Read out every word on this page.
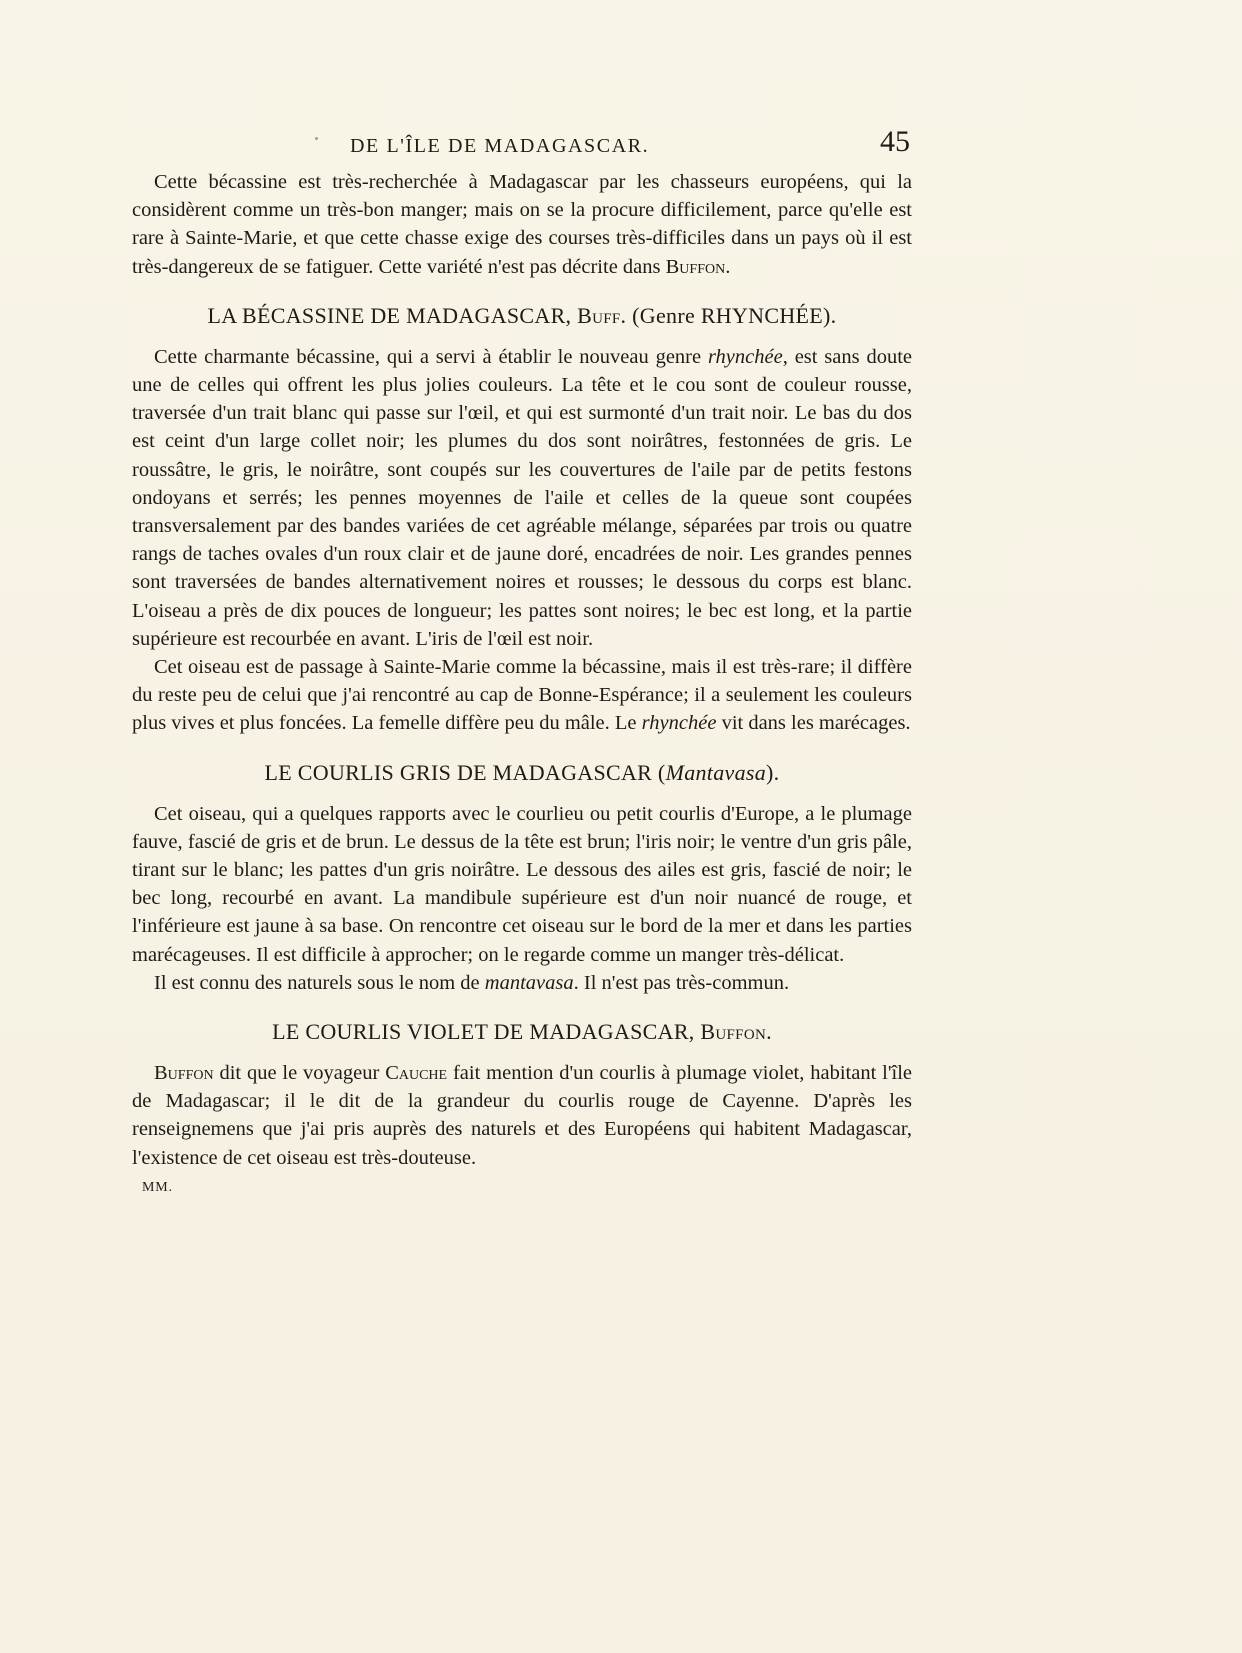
DE L'ÎLE DE MADAGASCAR.	45

Cette bécassine est très-recherchée à Madagascar par les chasseurs européens, qui la considèrent comme un très-bon manger; mais on se la procure difficilement, parce qu'elle est rare à Sainte-Marie, et que cette chasse exige des courses très-difficiles dans un pays où il est très-dangereux de se fatiguer. Cette variété n'est pas décrite dans Buffon.

LA BÉCASSINE DE MADAGASCAR, Buff. (Genre RHYNCHÉE).

Cette charmante bécassine, qui a servi à établir le nouveau genre rhynchée, est sans doute une de celles qui offrent les plus jolies couleurs. La tête et le cou sont de couleur rousse, traversée d'un trait blanc qui passe sur l'œil, et qui est surmonté d'un trait noir. Le bas du dos est ceint d'un large collet noir; les plumes du dos sont noirâtres, festonnées de gris. Le roussâtre, le gris, le noirâtre, sont coupés sur les couvertures de l'aile par de petits festons ondoyans et serrés; les pennes moyennes de l'aile et celles de la queue sont coupées transversalement par des bandes variées de cet agréable mélange, séparées par trois ou quatre rangs de taches ovales d'un roux clair et de jaune doré, encadrées de noir. Les grandes pennes sont traversées de bandes alternativement noires et rousses; le dessous du corps est blanc. L'oiseau a près de dix pouces de longueur; les pattes sont noires; le bec est long, et la partie supérieure est recourbée en avant. L'iris de l'œil est noir.

Cet oiseau est de passage à Sainte-Marie comme la bécassine, mais il est très-rare; il diffère du reste peu de celui que j'ai rencontré au cap de Bonne-Espérance; il a seulement les couleurs plus vives et plus foncées. La femelle diffère peu du mâle. Le rhynchée vit dans les marécages.

LE COURLIS GRIS DE MADAGASCAR (Mantavasa).

Cet oiseau, qui a quelques rapports avec le courlieu ou petit courlis d'Europe, a le plumage fauve, fascié de gris et de brun. Le dessus de la tête est brun; l'iris noir; le ventre d'un gris pâle, tirant sur le blanc; les pattes d'un gris noirâtre. Le dessous des ailes est gris, fascié de noir; le bec long, recourbé en avant. La mandibule supérieure est d'un noir nuancé de rouge, et l'inférieure est jaune à sa base. On rencontre cet oiseau sur le bord de la mer et dans les parties marécageuses. Il est difficile à approcher; on le regarde comme un manger très-délicat.

Il est connu des naturels sous le nom de mantavasa. Il n'est pas très-commun.

LE COURLIS VIOLET DE MADAGASCAR, Buffon.

Buffon dit que le voyageur Cauche fait mention d'un courlis à plumage violet, habitant l'île de Madagascar; il le dit de la grandeur du courlis rouge de Cayenne. D'après les renseignemens que j'ai pris auprès des naturels et des Européens qui habitent Madagascar, l'existence de cet oiseau est très-douteuse.

MM.
